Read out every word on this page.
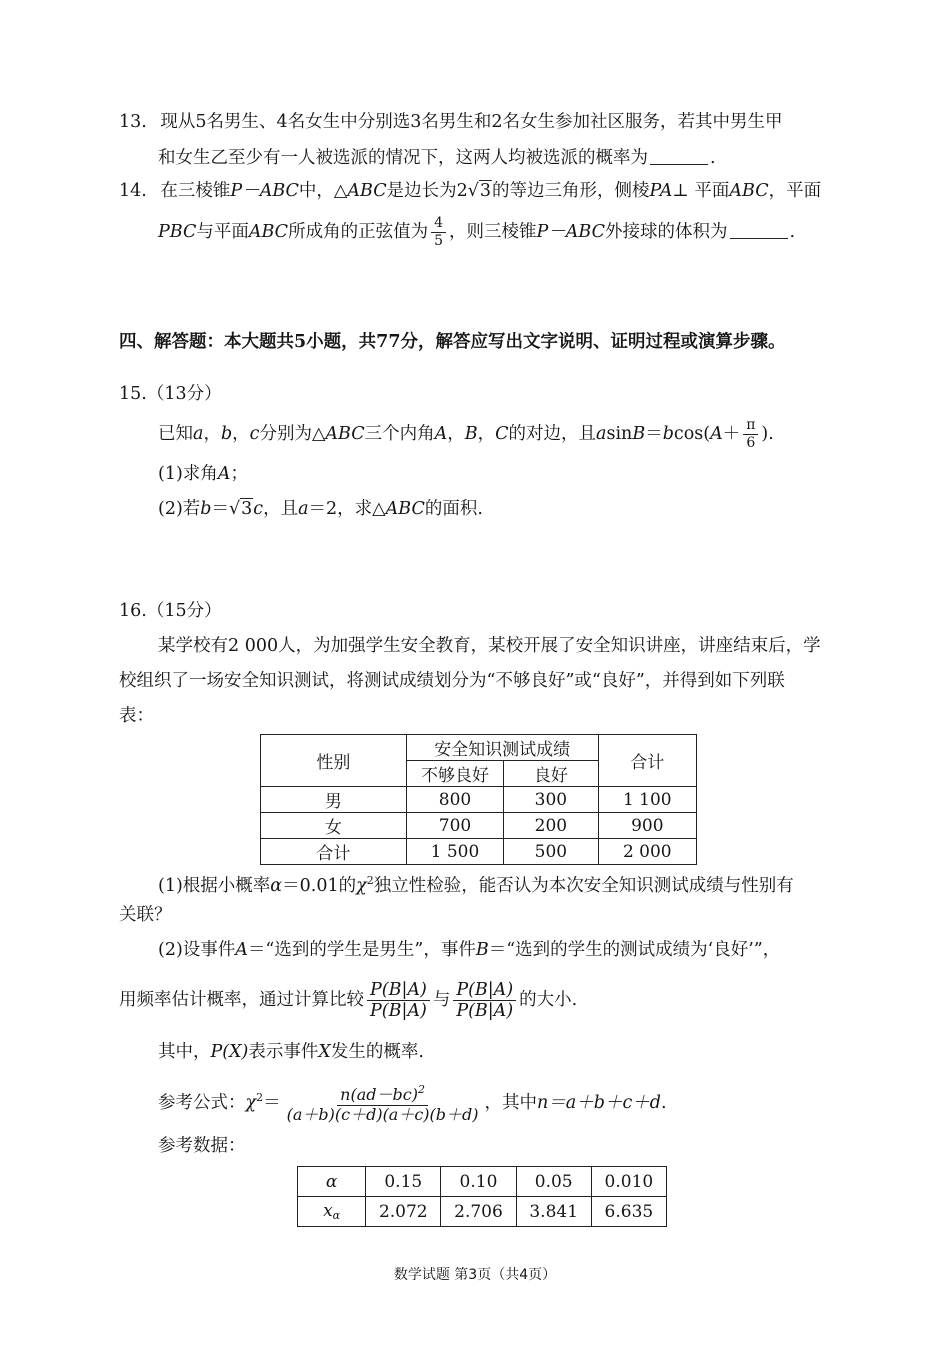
13. 现从5名男生、4名女生中分别选3名男生和2名女生参加社区服务，若其中男生甲
和女生乙至少有一人被选派的情况下，这两人均被选派的概率为	.
14. 在三棱锥P－ABC中，△ABC是边长为2√3的等边三角形，侧棱PA⊥ 平面ABC，平面
PBC与平面ABC所成角的正弦值为 $\frac{4}{5}$ ，则三棱锥P－ABC外接球的体积为	.
四、解答题：本大题共5小题，共77分，解答应写出文字说明、证明过程或演算步骤。
15.（13分）
已知a，b，c分别为△ABC三个内角A，B，C的对边，且$asinB=bcos(A+ \frac{\pi}{6}$ ).
(1)求角A；
(2)若b＝√3c，且a＝2，求△ABC的面积.
16.（15分）
某学校有2 000人，为加强学生安全教育，某校开展了安全知识讲座，讲座结束后，学
校组织了一场安全知识测试，将测试成绩划分为“不够良好”或“良好”，并得到如下列联
表：
性别	安全知识测试成绩		合计
	不够良好	良好	
男	800	300	1 100
女	700	200	900
合计	1 500	500	2 000
(1)根据小概率α＝0.01的$\chi^2$独立性检验，能否认为本次安全知识测试成绩与性别有
关联？
(2)设事件A＝“选到的学生是男生”，事件B＝“选到的学生的测试成绩为‘良好’”，
用频率估计概率，通过计算比较 $\frac{P(B|A)}{P(B|A)}$ 与 $\frac{P(B|A)}{P(B|A)}$ 的大小.
其中，P(X)表示事件X发生的概率.
参考公式：$\chi^2= \frac{n(ad-bc)^2}{(a+b)(c+d)(a+c)(b+d)}$ ，其中n＝a＋b＋c＋d.
参考数据：
α	0.15	0.10	0.05	0.010
$x_\alpha$	2.072	2.706	3.841	6.635
数学试题 第3页（共4页）
